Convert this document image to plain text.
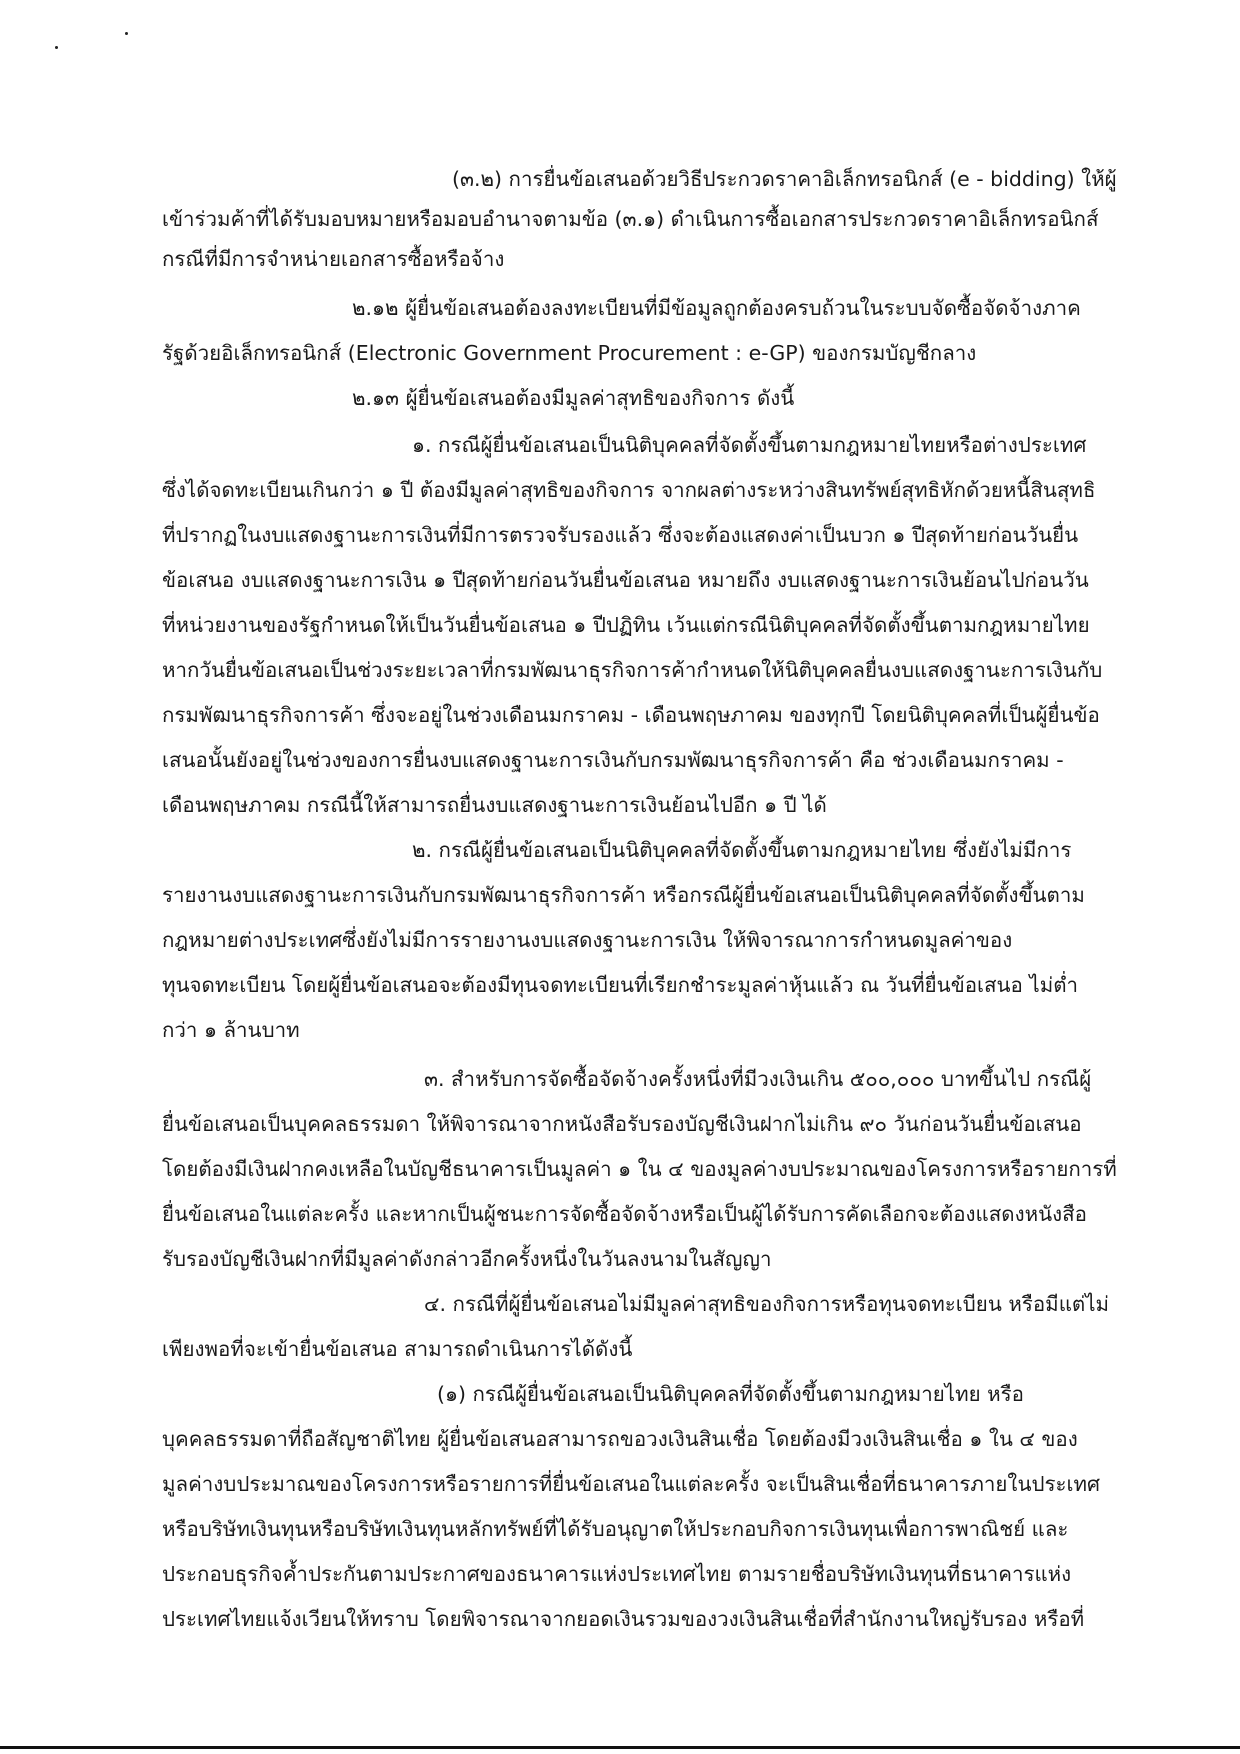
(๓.๒) การยื่นข้อเสนอด้วยวิธีประกวดราคาอิเล็กทรอนิกส์ (e - bidding) ให้ผู้
เข้าร่วมค้าที่ได้รับมอบหมายหรือมอบอำนาจตามข้อ (๓.๑) ดำเนินการซื้อเอกสารประกวดราคาอิเล็กทรอนิกส์
กรณีที่มีการจำหน่ายเอกสารซื้อหรือจ้าง
๒.๑๒ ผู้ยื่นข้อเสนอต้องลงทะเบียนที่มีข้อมูลถูกต้องครบถ้วนในระบบจัดซื้อจัดจ้างภาค
รัฐด้วยอิเล็กทรอนิกส์ (Electronic Government Procurement : e-GP) ของกรมบัญชีกลาง
๒.๑๓ ผู้ยื่นข้อเสนอต้องมีมูลค่าสุทธิของกิจการ ดังนี้
๑. กรณีผู้ยื่นข้อเสนอเป็นนิติบุคคลที่จัดตั้งขึ้นตามกฎหมายไทยหรือต่างประเทศ
ซึ่งได้จดทะเบียนเกินกว่า ๑ ปี ต้องมีมูลค่าสุทธิของกิจการ จากผลต่างระหว่างสินทรัพย์สุทธิหักด้วยหนี้สินสุทธิ
ที่ปรากฏในงบแสดงฐานะการเงินที่มีการตรวจรับรองแล้ว ซึ่งจะต้องแสดงค่าเป็นบวก ๑ ปีสุดท้ายก่อนวันยื่น
ข้อเสนอ งบแสดงฐานะการเงิน ๑ ปีสุดท้ายก่อนวันยื่นข้อเสนอ หมายถึง งบแสดงฐานะการเงินย้อนไปก่อนวัน
ที่หน่วยงานของรัฐกำหนดให้เป็นวันยื่นข้อเสนอ ๑ ปีปฏิทิน เว้นแต่กรณีนิติบุคคลที่จัดตั้งขึ้นตามกฎหมายไทย
หากวันยื่นข้อเสนอเป็นช่วงระยะเวลาที่กรมพัฒนาธุรกิจการค้ากำหนดให้นิติบุคคลยื่นงบแสดงฐานะการเงินกับ
กรมพัฒนาธุรกิจการค้า ซึ่งจะอยู่ในช่วงเดือนมกราคม - เดือนพฤษภาคม ของทุกปี โดยนิติบุคคลที่เป็นผู้ยื่นข้อ
เสนอนั้นยังอยู่ในช่วงของการยื่นงบแสดงฐานะการเงินกับกรมพัฒนาธุรกิจการค้า คือ ช่วงเดือนมกราคม -
เดือนพฤษภาคม กรณีนี้ให้สามารถยื่นงบแสดงฐานะการเงินย้อนไปอีก ๑ ปี ได้
๒. กรณีผู้ยื่นข้อเสนอเป็นนิติบุคคลที่จัดตั้งขึ้นตามกฎหมายไทย ซึ่งยังไม่มีการ
รายงานงบแสดงฐานะการเงินกับกรมพัฒนาธุรกิจการค้า หรือกรณีผู้ยื่นข้อเสนอเป็นนิติบุคคลที่จัดตั้งขึ้นตาม
กฎหมายต่างประเทศซึ่งยังไม่มีการรายงานงบแสดงฐานะการเงิน ให้พิจารณาการกำหนดมูลค่าของ
ทุนจดทะเบียน โดยผู้ยื่นข้อเสนอจะต้องมีทุนจดทะเบียนที่เรียกชำระมูลค่าหุ้นแล้ว ณ วันที่ยื่นข้อเสนอ ไม่ต่ำ
กว่า ๑ ล้านบาท
๓. สำหรับการจัดซื้อจัดจ้างครั้งหนึ่งที่มีวงเงินเกิน ๕๐๐,๐๐๐ บาทขึ้นไป กรณีผู้
ยื่นข้อเสนอเป็นบุคคลธรรมดา ให้พิจารณาจากหนังสือรับรองบัญชีเงินฝากไม่เกิน ๙๐ วันก่อนวันยื่นข้อเสนอ
โดยต้องมีเงินฝากคงเหลือในบัญชีธนาคารเป็นมูลค่า ๑ ใน ๔ ของมูลค่างบประมาณของโครงการหรือรายการที่
ยื่นข้อเสนอในแต่ละครั้ง และหากเป็นผู้ชนะการจัดซื้อจัดจ้างหรือเป็นผู้ได้รับการคัดเลือกจะต้องแสดงหนังสือ
รับรองบัญชีเงินฝากที่มีมูลค่าดังกล่าวอีกครั้งหนึ่งในวันลงนามในสัญญา
๔. กรณีที่ผู้ยื่นข้อเสนอไม่มีมูลค่าสุทธิของกิจการหรือทุนจดทะเบียน หรือมีแต่ไม่
เพียงพอที่จะเข้ายื่นข้อเสนอ สามารถดำเนินการได้ดังนี้
(๑) กรณีผู้ยื่นข้อเสนอเป็นนิติบุคคลที่จัดตั้งขึ้นตามกฎหมายไทย หรือ
บุคคลธรรมดาที่ถือสัญชาติไทย ผู้ยื่นข้อเสนอสามารถขอวงเงินสินเชื่อ โดยต้องมีวงเงินสินเชื่อ ๑ ใน ๔ ของ
มูลค่างบประมาณของโครงการหรือรายการที่ยื่นข้อเสนอในแต่ละครั้ง จะเป็นสินเชื่อที่ธนาคารภายในประเทศ
หรือบริษัทเงินทุนหรือบริษัทเงินทุนหลักทรัพย์ที่ได้รับอนุญาตให้ประกอบกิจการเงินทุนเพื่อการพาณิชย์ และ
ประกอบธุรกิจค้ำประกันตามประกาศของธนาคารแห่งประเทศไทย ตามรายชื่อบริษัทเงินทุนที่ธนาคารแห่ง
ประเทศไทยแจ้งเวียนให้ทราบ โดยพิจารณาจากยอดเงินรวมของวงเงินสินเชื่อที่สำนักงานใหญ่รับรอง หรือที่
